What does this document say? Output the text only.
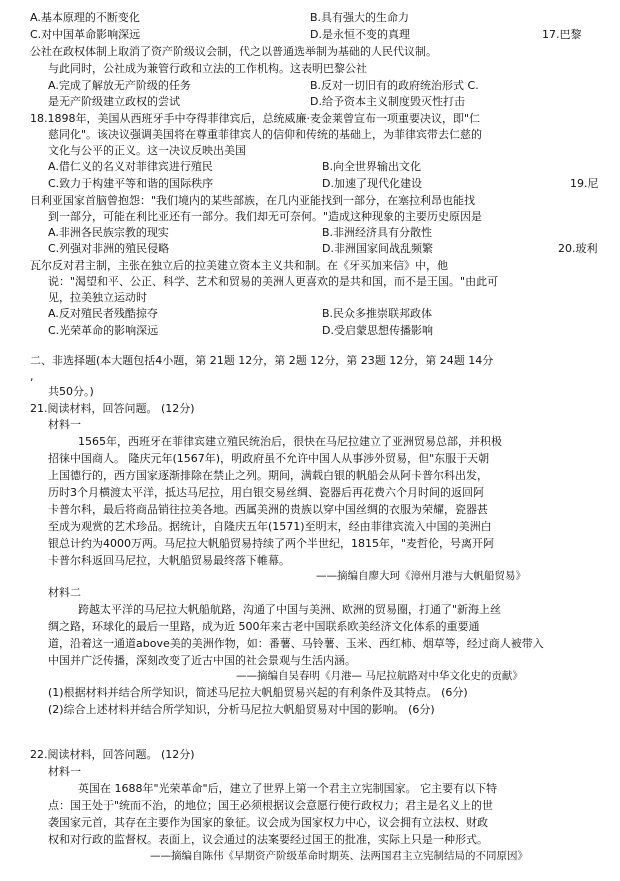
A.基本原理的不断变化	B.具有强大的生命力
C.对中国革命影响深远	D.是永恒不变的真理	17.巴黎
公社在政权体制上取消了资产阶级议会制，代之以普通选举制为基础的人民代议制。
与此同时，公社成为兼管行政和立法的工作机构。这表明巴黎公社
A.完成了解放无产阶级的任务	B.反对一切旧有的政府统治形式 C.
是无产阶级建立政权的尝试	D.给予资本主义制度毁灭性打击
18.1898年，美国从西班牙手中夺得菲律宾后，总统威廉·麦金莱曾宣布一项重要决议，即"仁
慈同化"。该决议强调美国将在尊重菲律宾人的信仰和传统的基础上，为菲律宾带去仁慈的
文化与公平的正义。这一决议反映出美国
A.借仁义的名义对菲律宾进行殖民	B.向全世界输出文化
C.致力于构建平等和谐的国际秩序	D.加速了现代化建设	19.尼
日利亚国家首脑曾抱怨："我们境内的某些部族，在几内亚能找到一部分，在塞拉利昂也能找
到一部分，可能在利比亚还有一部分。我们却无可奈何。"造成这种现象的主要历史原因是
A.非洲各民族宗教的现实	B.非洲经济具有分散性
C.列强对非洲的殖民侵略	D.非洲国家间战乱频繁	20.玻利
瓦尔反对君主制，主张在独立后的拉美建立资本主义共和制。在《牙买加来信》中，他
说："渴望和平、公正、科学、艺术和贸易的美洲人更喜欢的是共和国，而不是王国。"由此可
见，拉美独立运动时
A.反对殖民者残酷掠夺	B.民众多推崇联邦政体
C.光荣革命的影响深远	D.受启蒙思想传播影响
二、非选择题(本大题包括4小题，第 21题 12分，第 2题 12分，第 23题 12分，第 24题 14分
,
共50分。)
21.阅读材料，回答问题。 (12分)
材料一
1565年，西班牙在菲律宾建立殖民统治后，很快在马尼拉建立了亚洲贸易总部，并积极
招徕中国商人。 隆庆元年(1567年)，明政府虽不允许中国人从事涉外贸易，但"东服于天朝
上国德行的，西方国家逐渐排除在禁止之列。期间，满载白银的帆船会从阿卡普尔科出发，
历时3个月横渡太平洋，抵达马尼拉，用白银交易丝绸、瓷器后再花费六个月时间的返回阿
卡普尔科，最后将商品销往拉美各地。西属美洲的贵族以穿中国丝绸的衣服为荣耀，瓷器甚
至成为观赏的艺术珍品。据统计，自隆庆五年(1571)至明末，经由菲律宾流入中国的美洲白
银总计约为4000万两。马尼拉大帆船贸易持续了两个半世纪，1815年，"麦哲伦，号离开阿
卡普尔科返回马尼拉，大帆船贸易最终落下帷幕。
——摘编自廖大珂《漳州月港与大帆船贸易》
材料二
跨越太平洋的马尼拉大帆船航路，沟通了中国与美洲、欧洲的贸易圈，打通了"新海上丝
绸之路，环球化的最后一里路，成为近 500年来古老中国联系欧美经济文化体系的重要通
道，沿着这一通道above美的美洲作物，如：番薯、马铃薯、玉米、西红柿、烟草等，经过商人被带入
中国并广泛传播，深刻改变了近古中国的社会景观与生活内涵。
——摘编自吴春明《月港— 马尼拉航路对中华文化史的贡献》
(1)根据材料并结合所学知识，简述马尼拉大帆船贸易兴起的有利条件及其特点。 (6分)
(2)综合上述材料并结合所学知识，分析马尼拉大帆船贸易对中国的影响。 (6分)
22.阅读材料，回答问题。 (12分)
材料一
英国在 1688年"光荣革命"后，建立了世界上第一个君主立宪制国家。 它主要有以下特
点：国王处于"统而不治，的地位；国王必须根据议会意愿行使行政权力；君主是名义上的世
袭国家元首，其存在主要作为国家的象征。议会成为国家权力中心，议会拥有立法权、财政
权和对行政的监督权。表面上，议会通过的法案要经过国王的批准，实际上只是一种形式。
——摘编自陈伟《早期资产阶级革命时期英、法两国君主立宪制结局的不同原因》
